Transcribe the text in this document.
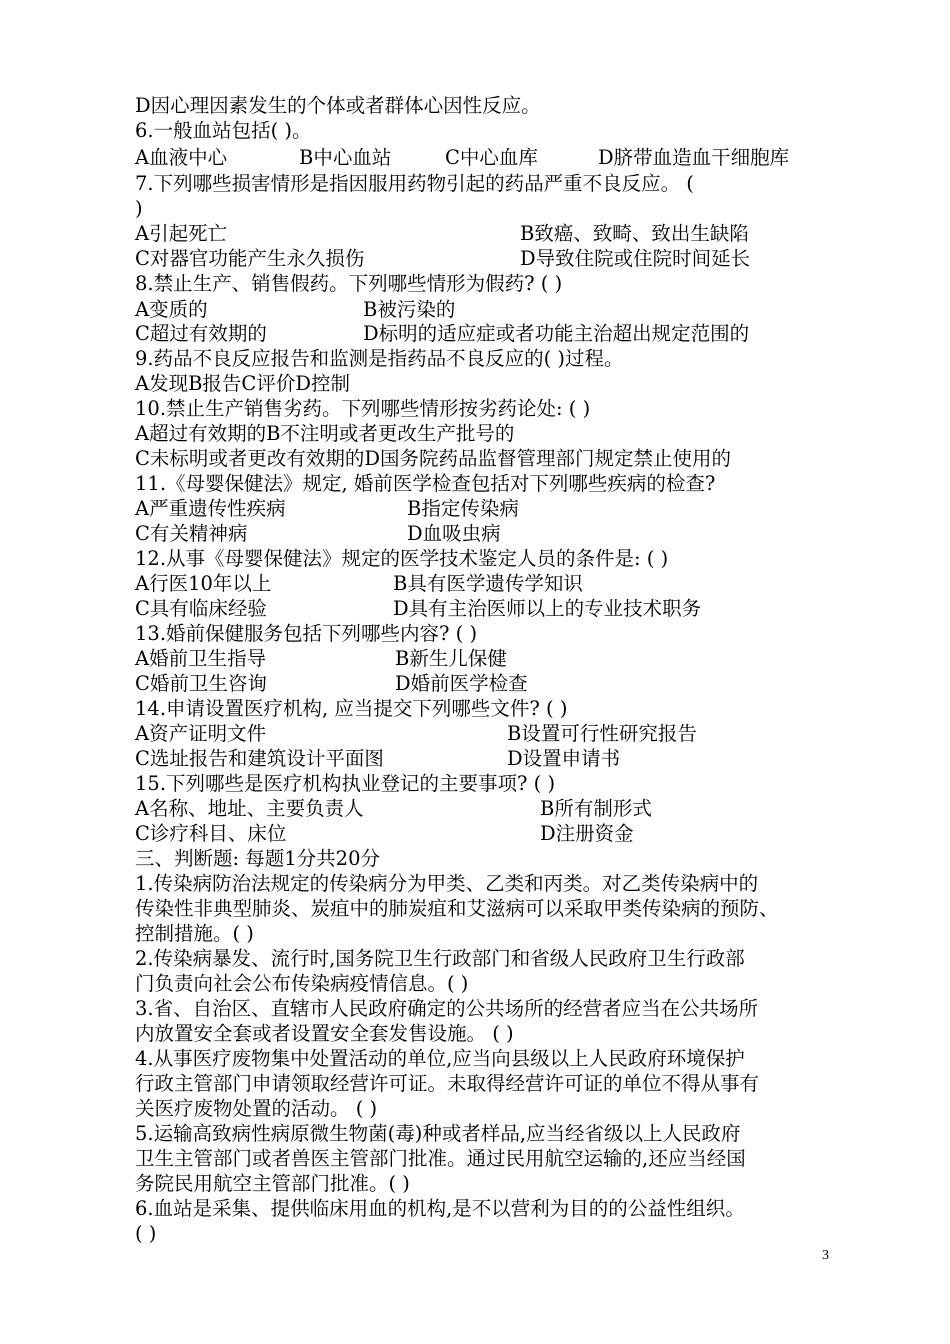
D因心理因素发生的个体或者群体心因性反应。
6.一般血站包括( )。
A血液中心	B中心血站	C中心血库	D脐带血造血干细胞库
7.下列哪些损害情形是指因服用药物引起的药品严重不良反应。 (
)
A引起死亡	B致癌、致畸、致出生缺陷
C对器官功能产生永久损伤	D导致住院或住院时间延长
8.禁止生产、销售假药。下列哪些情形为假药? ( )
A变质的	B被污染的
C超过有效期的	D标明的适应症或者功能主治超出规定范围的
9.药品不良反应报告和监测是指药品不良反应的( )过程。
A发现B报告C评价D控制
10.禁止生产销售劣药。下列哪些情形按劣药论处: ( )
A超过有效期的B不注明或者更改生产批号的
C未标明或者更改有效期的D国务院药品监督管理部门规定禁止使用的
11.《母婴保健法》规定, 婚前医学检查包括对下列哪些疾病的检查?
A严重遗传性疾病	B指定传染病
C有关精神病	D血吸虫病
12.从事《母婴保健法》规定的医学技术鉴定人员的条件是: ( )
A行医10年以上	B具有医学遗传学知识
C具有临床经验	D具有主治医师以上的专业技术职务
13.婚前保健服务包括下列哪些内容? ( )
A婚前卫生指导	B新生儿保健
C婚前卫生咨询	D婚前医学检查
14.申请设置医疗机构, 应当提交下列哪些文件? ( )
A资产证明文件	B设置可行性研究报告
C选址报告和建筑设计平面图	D设置申请书
15.下列哪些是医疗机构执业登记的主要事项? ( )
A名称、地址、主要负责人	B所有制形式
C诊疗科目、床位	D注册资金
三、判断题: 每题1分共20分
1.传染病防治法规定的传染病分为甲类、乙类和丙类。对乙类传染病中的
传染性非典型肺炎、炭疽中的肺炭疽和艾滋病可以采取甲类传染病的预防、
控制措施。( )
2.传染病暴发、流行时,国务院卫生行政部门和省级人民政府卫生行政部
门负责向社会公布传染病疫情信息。( )
3.省、自治区、直辖市人民政府确定的公共场所的经营者应当在公共场所
内放置安全套或者设置安全套发售设施。 ( )
4.从事医疗废物集中处置活动的单位,应当向县级以上人民政府环境保护
行政主管部门申请领取经营许可证。未取得经营许可证的单位不得从事有
关医疗废物处置的活动。 ( )
5.运输高致病性病原微生物菌(毒)种或者样品,应当经省级以上人民政府
卫生主管部门或者兽医主管部门批准。通过民用航空运输的,还应当经国
务院民用航空主管部门批准。( )
6.血站是采集、提供临床用血的机构,是不以营利为目的的公益性组织。
( )
3
